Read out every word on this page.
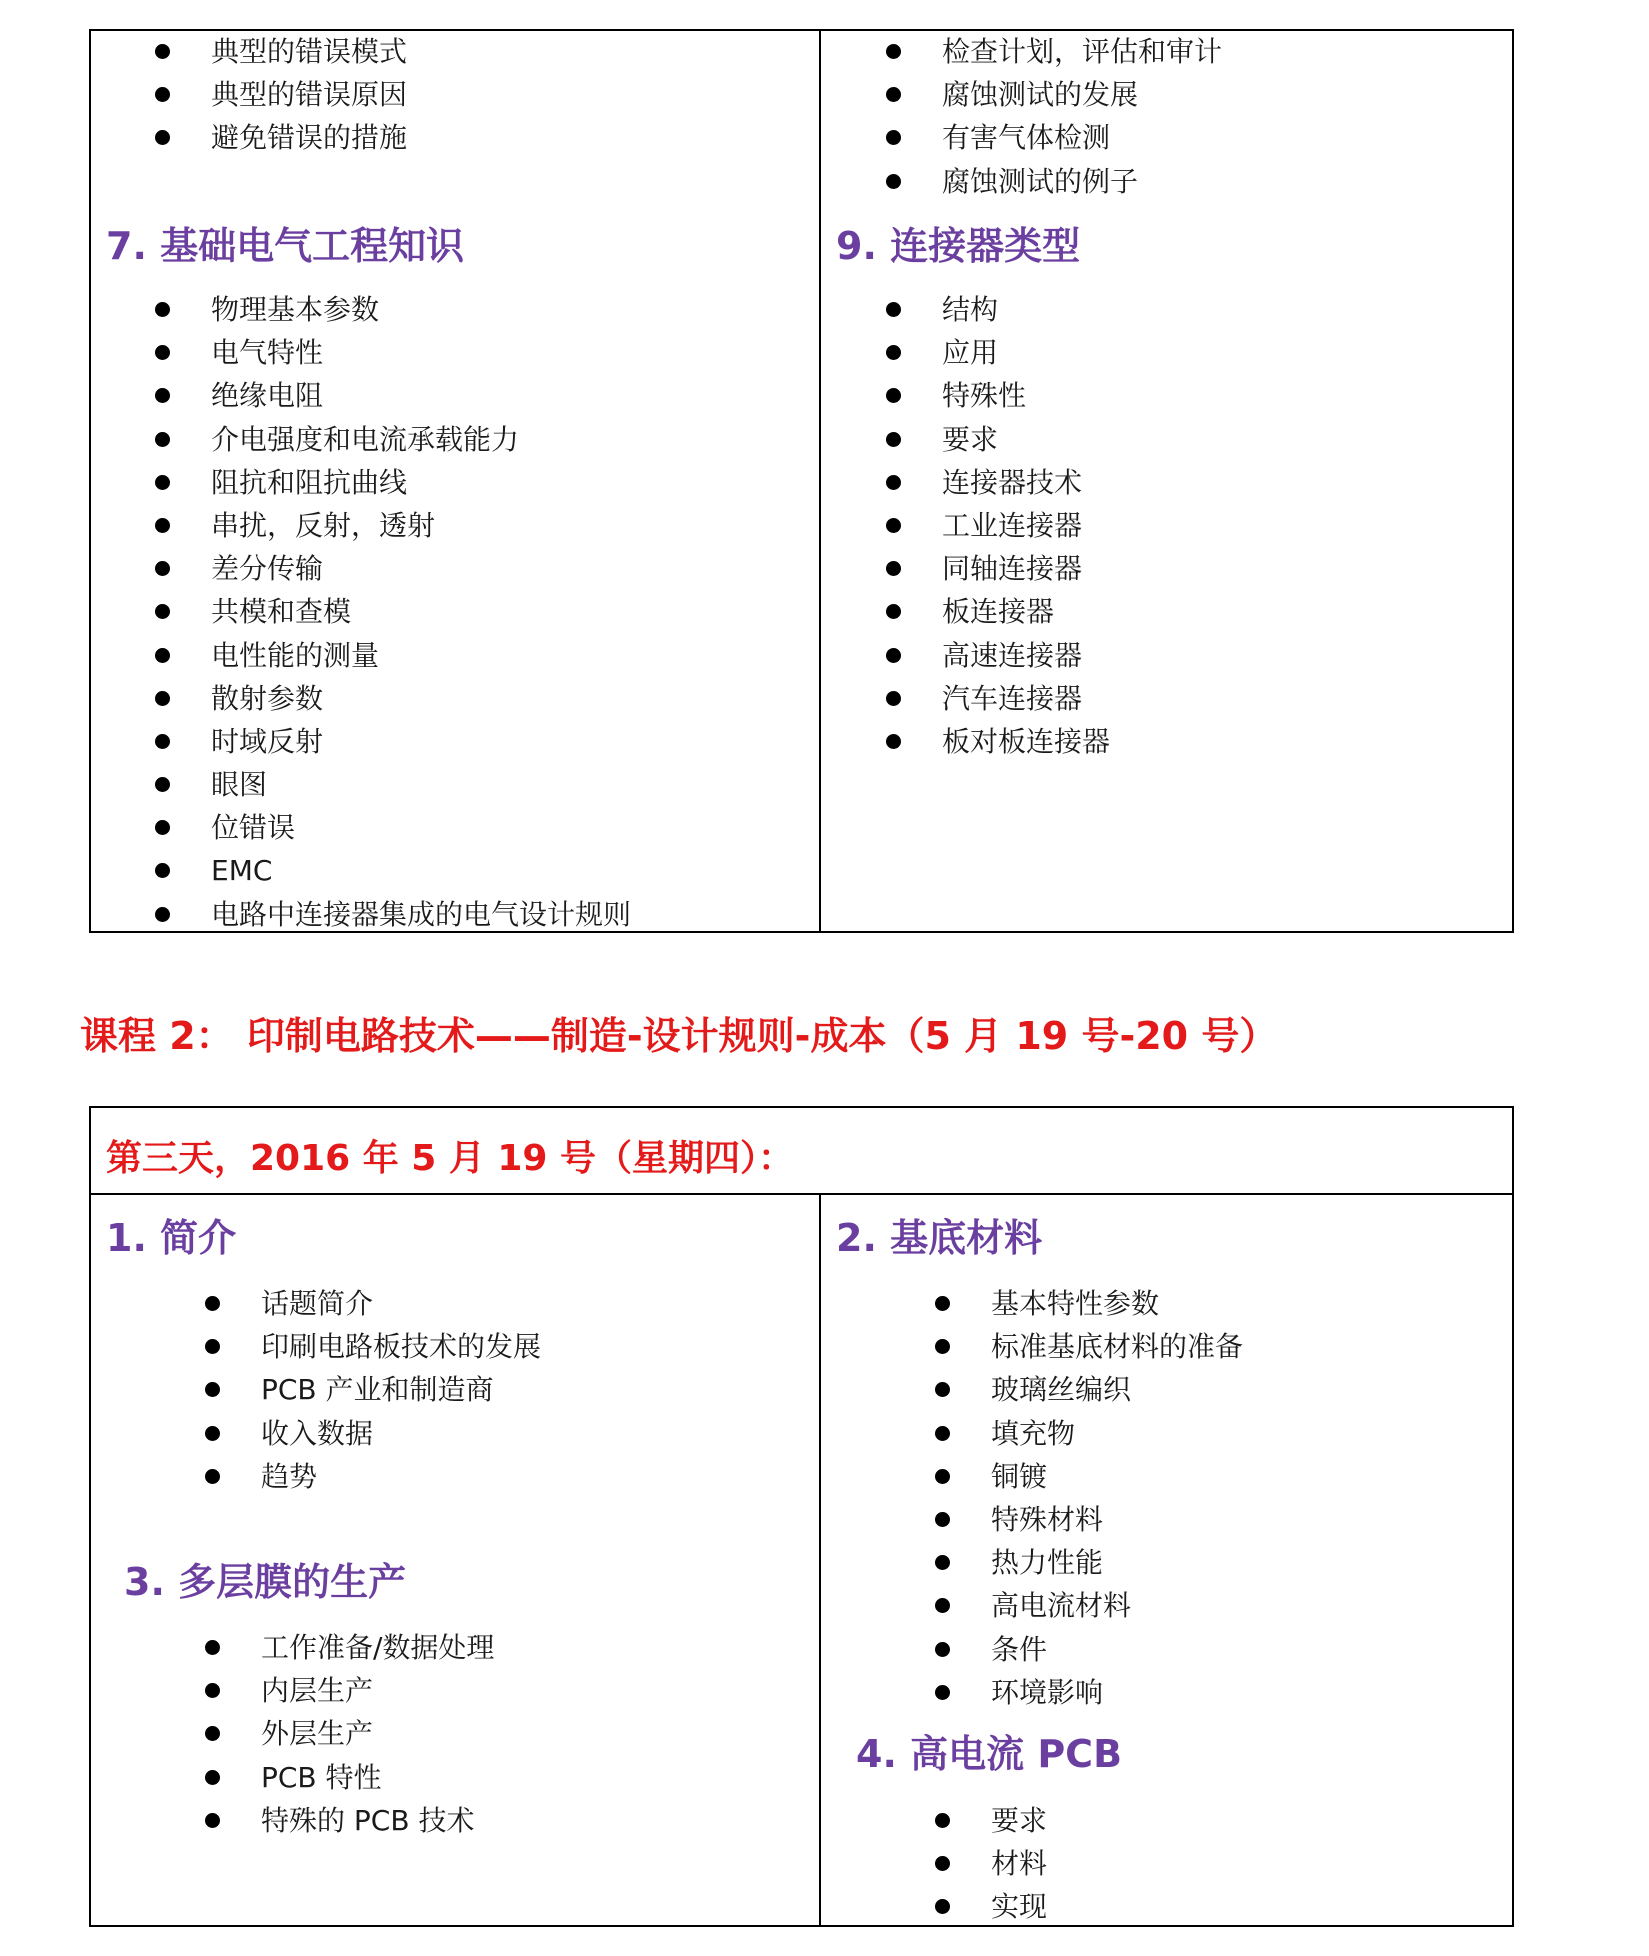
典型的错误模式
典型的错误原因
避免错误的措施
检查计划，评估和审计
腐蚀测试的发展
有害气体检测
腐蚀测试的例子
7. 基础电气工程知识
物理基本参数
电气特性
绝缘电阻
介电强度和电流承载能力
阻抗和阻抗曲线
串扰，反射，透射
差分传输
共模和查模
电性能的测量
散射参数
时域反射
眼图
位错误
EMC
电路中连接器集成的电气设计规则
9. 连接器类型
结构
应用
特殊性
要求
连接器技术
工业连接器
同轴连接器
板连接器
高速连接器
汽车连接器
板对板连接器
课程 2： 印制电路技术——制造-设计规则-成本（5 月 19 号-20 号）
第三天，2016 年 5 月 19 号（星期四）：
1. 简介
话题简介
印刷电路板技术的发展
PCB 产业和制造商
收入数据
趋势
2. 基底材料
基本特性参数
标准基底材料的准备
玻璃丝编织
填充物
铜镀
特殊材料
热力性能
高电流材料
条件
环境影响
3. 多层膜的生产
工作准备/数据处理
内层生产
外层生产
PCB 特性
特殊的 PCB 技术
4. 高电流 PCB
要求
材料
实现
